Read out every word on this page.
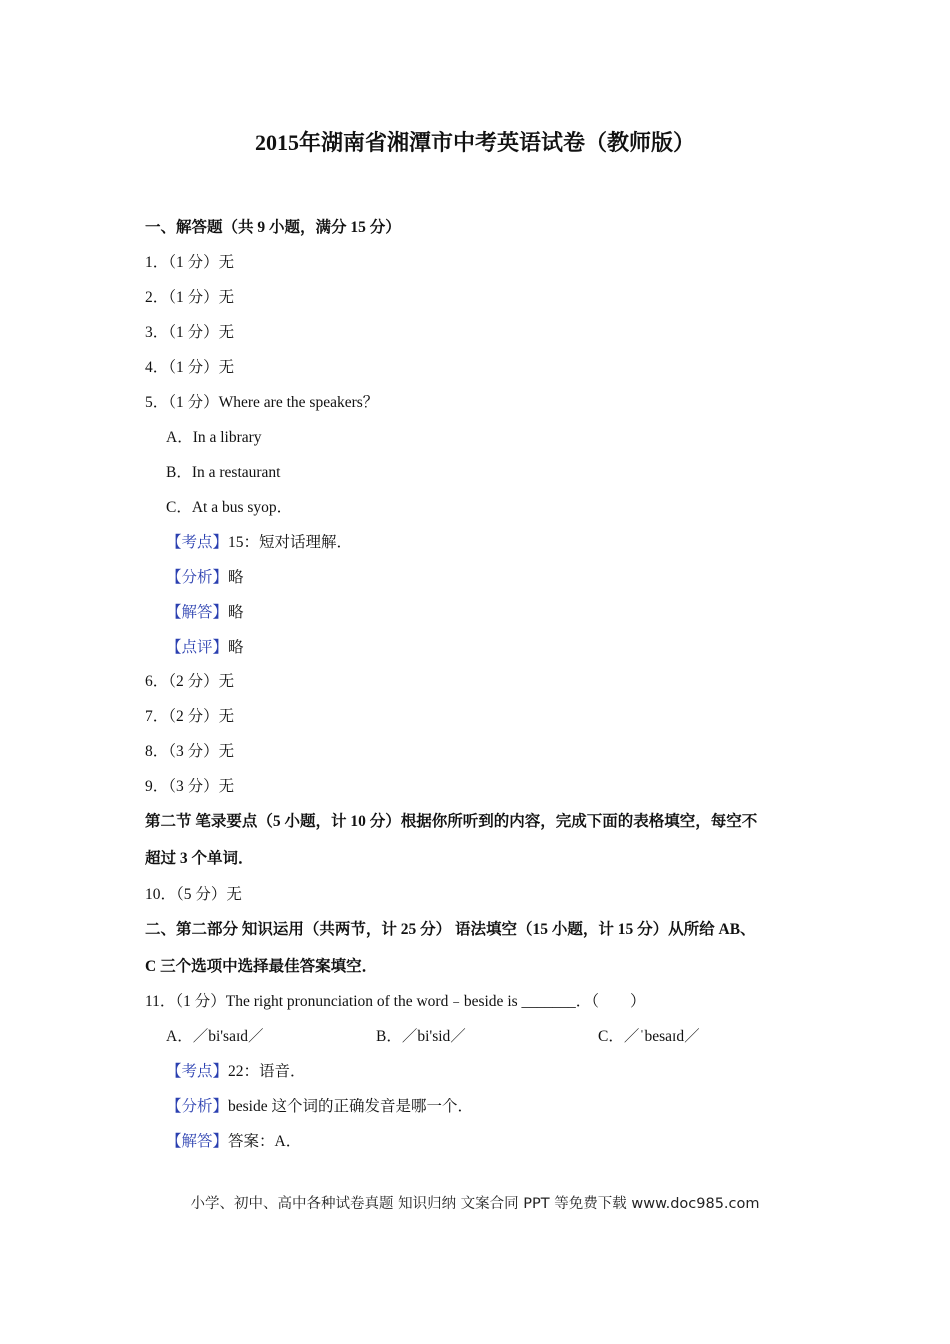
2015年湖南省湘潭市中考英语试卷（教师版）
一、解答题（共 9 小题，满分 15 分）
1．（1 分）无
2．（1 分）无
3．（1 分）无
4．（1 分）无
5．（1 分）Where are the speakers？
A．In a library
B．In a restaurant
C．At a bus syop．
【考点】15：短对话理解．
【分析】略
【解答】略
【点评】略
6．（2 分）无
7．（2 分）无
8．（3 分）无
9．（3 分）无
第二节 笔录要点（5 小题，计 10 分）根据你所听到的内容，完成下面的表格填空，每空不
超过 3 个单词．
10．（5 分）无
二、第二部分 知识运用（共两节，计 25 分） 语法填空（15 小题，计 15 分）从所给 AB、
C 三个选项中选择最佳答案填空．
11．（1 分）The right pronunciation of the word﹣beside is _______．（　　）
A．／bi'saɪd／	B．／bi'sid／	C．／ˈbesaɪd／
【考点】22：语音．
【分析】beside 这个词的正确发音是哪一个．
【解答】答案：A．
小学、初中、高中各种试卷真题 知识归纳 文案合同 PPT 等免费下载 www.doc985.com
